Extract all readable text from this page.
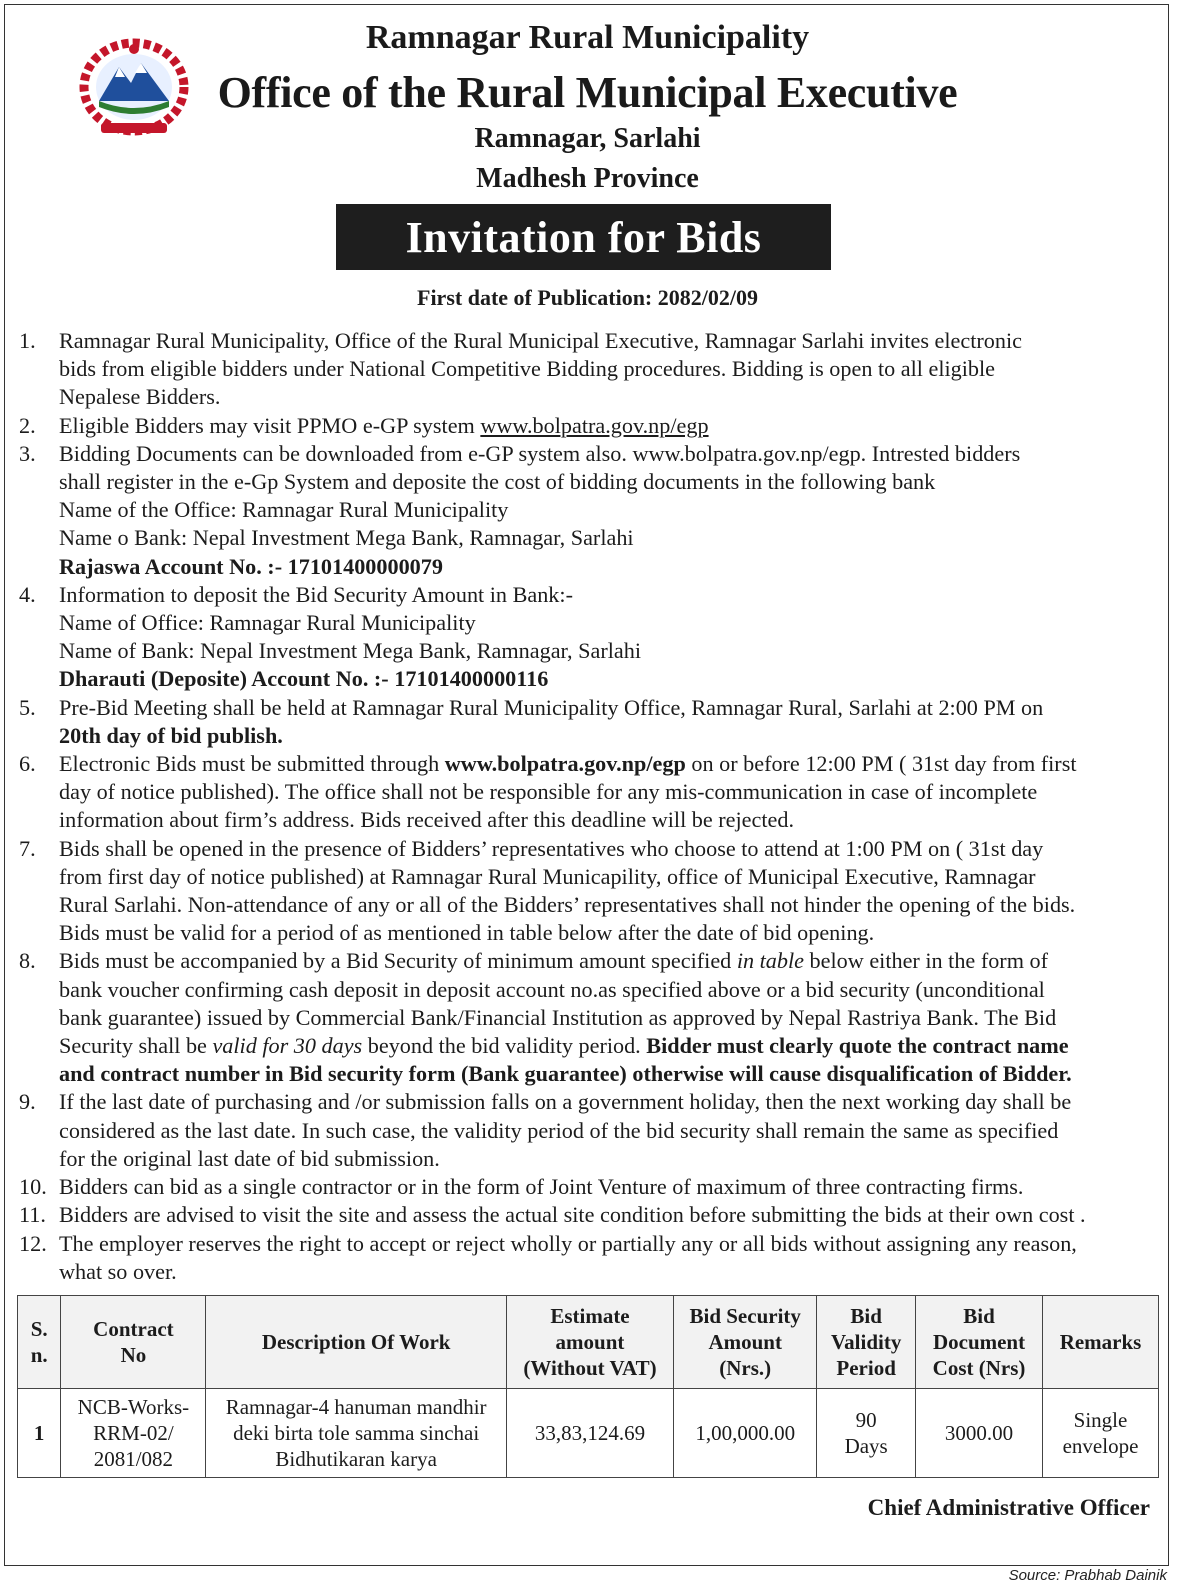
Ramnagar Rural Municipality
Office of the Rural Municipal Executive
Ramnagar, Sarlahi
Madhesh Province
Invitation for Bids
First date of Publication: 2082/02/09
1.	Ramnagar Rural Municipality, Office of the Rural Municipal Executive, Ramnagar Sarlahi invites electronic
bids from eligible bidders under National Competitive Bidding procedures. Bidding is open to all eligible
Nepalese Bidders.
2.	Eligible Bidders may visit PPMO e-GP system www.bolpatra.gov.np/egp
3.	Bidding Documents can be downloaded from e-GP system also. www.bolpatra.gov.np/egp. Intrested bidders
shall register in the e-Gp System and deposite the cost of bidding documents in the following bank
Name of the Office: Ramnagar Rural Municipality
Name o Bank: Nepal Investment Mega Bank, Ramnagar, Sarlahi
Rajaswa Account No. :- 17101400000079
4.	Information to deposit the Bid Security Amount in Bank:-
Name of Office: Ramnagar Rural Municipality
Name of Bank: Nepal Investment Mega Bank, Ramnagar, Sarlahi
Dharauti (Deposite) Account No. :- 17101400000116
5.	Pre-Bid Meeting shall be held at Ramnagar Rural Municipality Office, Ramnagar Rural, Sarlahi at 2:00 PM on
20th day of bid publish.
6.	Electronic Bids must be submitted through www.bolpatra.gov.np/egp on or before 12:00 PM ( 31st day from first
day of notice published). The office shall not be responsible for any mis-communication in case of incomplete
information about firm’s address. Bids received after this deadline will be rejected.
7.	Bids shall be opened in the presence of Bidders’ representatives who choose to attend at 1:00 PM on ( 31st day
from first day of notice published) at Ramnagar Rural Municapility, office of Municipal Executive, Ramnagar
Rural Sarlahi. Non-attendance of any or all of the Bidders’ representatives shall not hinder the opening of the bids.
Bids must be valid for a period of as mentioned in table below after the date of bid opening.
8.	Bids must be accompanied by a Bid Security of minimum amount specified in table below either in the form of
bank voucher confirming cash deposit in deposit account no.as specified above or a bid security (unconditional
bank guarantee) issued by Commercial Bank/Financial Institution as approved by Nepal Rastriya Bank. The Bid
Security shall be valid for 30 days beyond the bid validity period. Bidder must clearly quote the contract name
and contract number in Bid security form (Bank guarantee) otherwise will cause disqualification of Bidder.
9.	If the last date of purchasing and /or submission falls on a government holiday, then the next working day shall be
considered as the last date. In such case, the validity period of the bid security shall remain the same as specified
for the original last date of bid submission.
10. Bidders can bid as a single contractor or in the form of Joint Venture of maximum of three contracting firms.
11. Bidders are advised to visit the site and assess the actual site condition before submitting the bids at their own cost .
12. The employer reserves the right to accept or reject wholly or partially any or all bids without assigning any reason,
what so over.
S.
n.	Contract
No	Description Of Work	Estimate
amount
(Without VAT)	Bid Security
Amount
(Nrs.)	Bid
Validity
Period	Bid
Document
Cost (Nrs)	Remarks

1	NCB-Works-
RRM-02/
2081/082	Ramnagar-4 hanuman mandhir
deki birta tole samma sinchai
Bidhutikaran karya	33,83,124.69	1,00,000.00	90
Days	3000.00	Single
envelope
Chief Administrative Officer
Source: Prabhab Dainik
